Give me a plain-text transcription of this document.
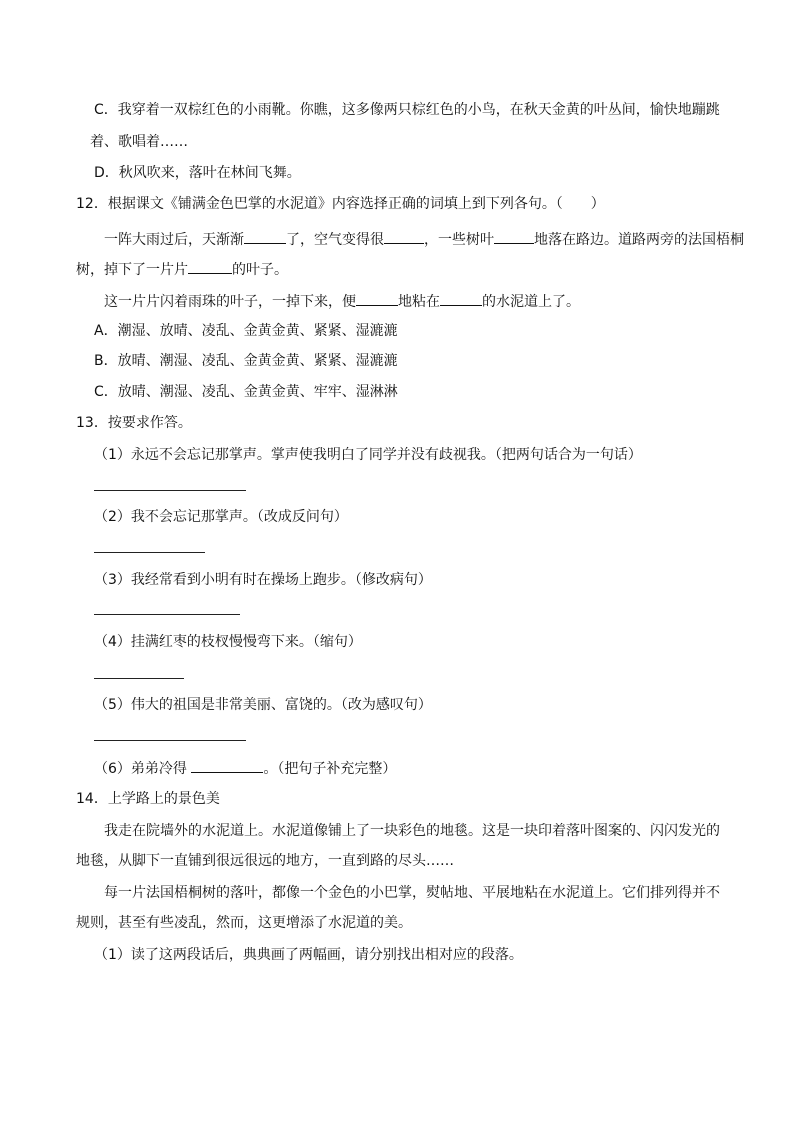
C．我穿着一双棕红色的小雨靴。你瞧，这多像两只棕红色的小鸟，在秋天金黄的叶丛间，愉快地蹦跳
着、歌唱着……
D．秋风吹来，落叶在林间飞舞。
12．根据课文《铺满金色巴掌的水泥道》内容选择正确的词填上到下列各句。（　　）
一阵大雨过后，天渐渐	了，空气变得很	，一些树叶	地落在路边。道路两旁的法国梧桐
树，掉下了一片片	的叶子。
这一片片闪着雨珠的叶子，一掉下来，便	地粘在	的水泥道上了。
A．潮湿、放晴、凌乱、金黄金黄、紧紧、湿漉漉
B．放晴、潮湿、凌乱、金黄金黄、紧紧、湿漉漉
C．放晴、潮湿、凌乱、金黄金黄、牢牢、湿淋淋
13．按要求作答。
（1）永远不会忘记那掌声。掌声使我明白了同学并没有歧视我。（把两句话合为一句话）
（2）我不会忘记那掌声。（改成反问句）
（3）我经常看到小明有时在操场上跑步。（修改病句）
（4）挂满红枣的枝杈慢慢弯下来。（缩句）
（5）伟大的祖国是非常美丽、富饶的。（改为感叹句）
（6）弟弟冷得	。（把句子补充完整）
14．上学路上的景色美
我走在院墙外的水泥道上。水泥道像铺上了一块彩色的地毯。这是一块印着落叶图案的、闪闪发光的
地毯，从脚下一直铺到很远很远的地方，一直到路的尽头……
每一片法国梧桐树的落叶，都像一个金色的小巴掌，熨帖地、平展地粘在水泥道上。它们排列得并不
规则，甚至有些凌乱，然而，这更增添了水泥道的美。
（1）读了这两段话后，典典画了两幅画，请分别找出相对应的段落。
